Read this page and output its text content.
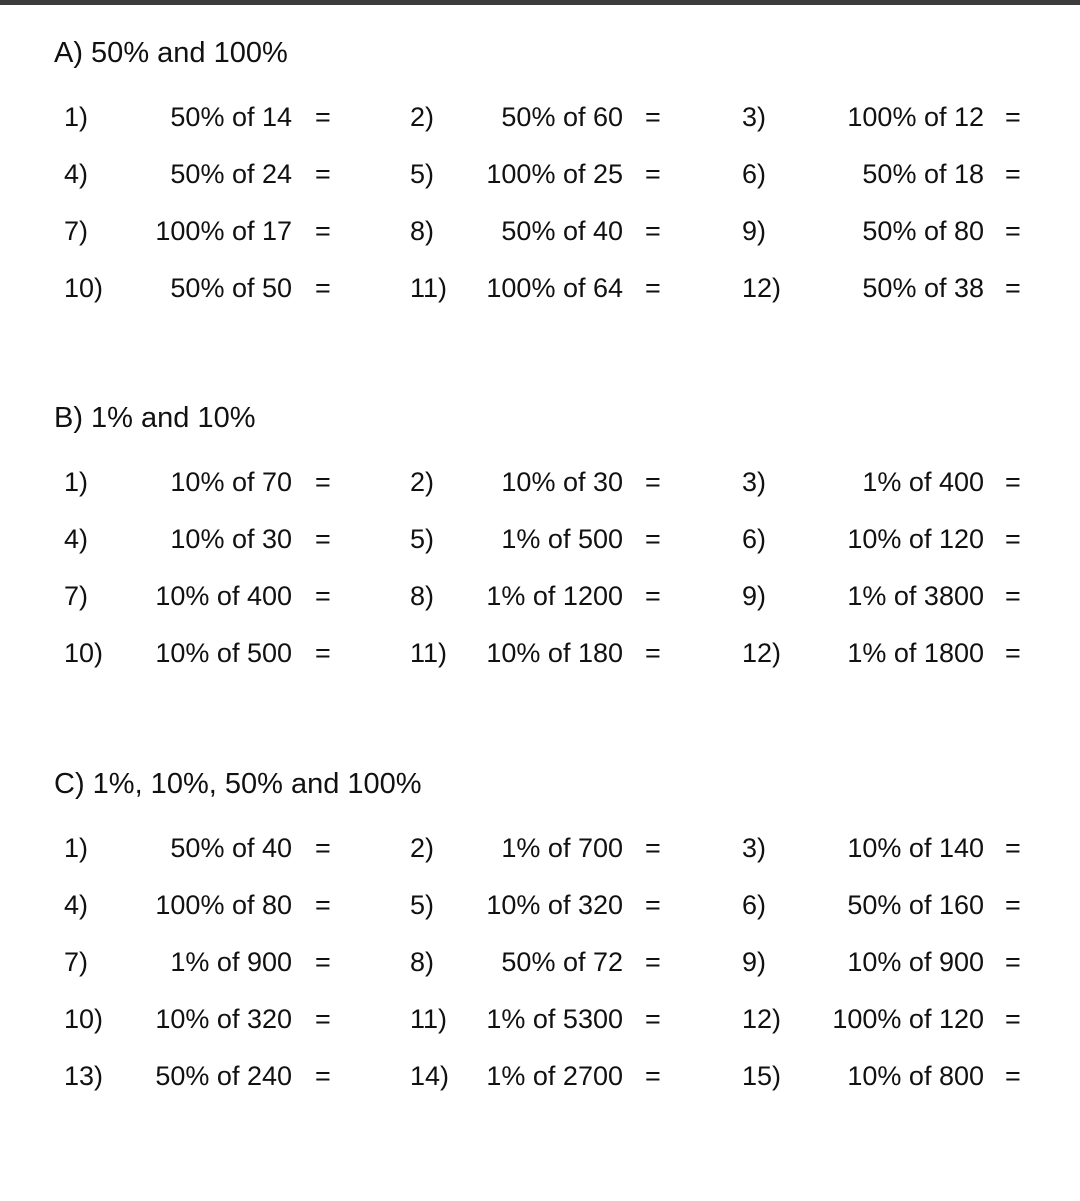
A) 50% and 100%
1)	50% of 14 =	2) 50% of 60 =	3)	100% of 12 =
4)	50% of 24 =	5) 100% of 25 =	6)	50% of 18 =
7) 100% of 17 =	8) 50% of 40 =	9)	50% of 80 =
10) 50% of 50 =	11) 100% of 64 =	12)	50% of 38 =
B) 1% and 10%
1)	10% of 70 =	2) 10% of 30 =	3)	1% of 400 =
4)	10% of 30 =	5) 1% of 500 =	6)	10% of 120 =
7) 10% of 400 =	8) 1% of 1200 =	9)	1% of 3800 =
10) 10% of 500 =	11) 10% of 180 =	12) 1% of 1800 =
C) 1%, 10%, 50% and 100%
1)	50% of 40 =	2) 1% of 700 =	3)	10% of 140 =
4) 100% of 80 =	5) 10% of 320 =	6)	50% of 160 =
7)	1% of 900 =	8) 50% of 72 =	9)	10% of 900 =
10) 10% of 320 =	11) 1% of 5300 =	12) 100% of 120 =
13) 50% of 240 =	14) 1% of 2700 =	15) 10% of 800 =
